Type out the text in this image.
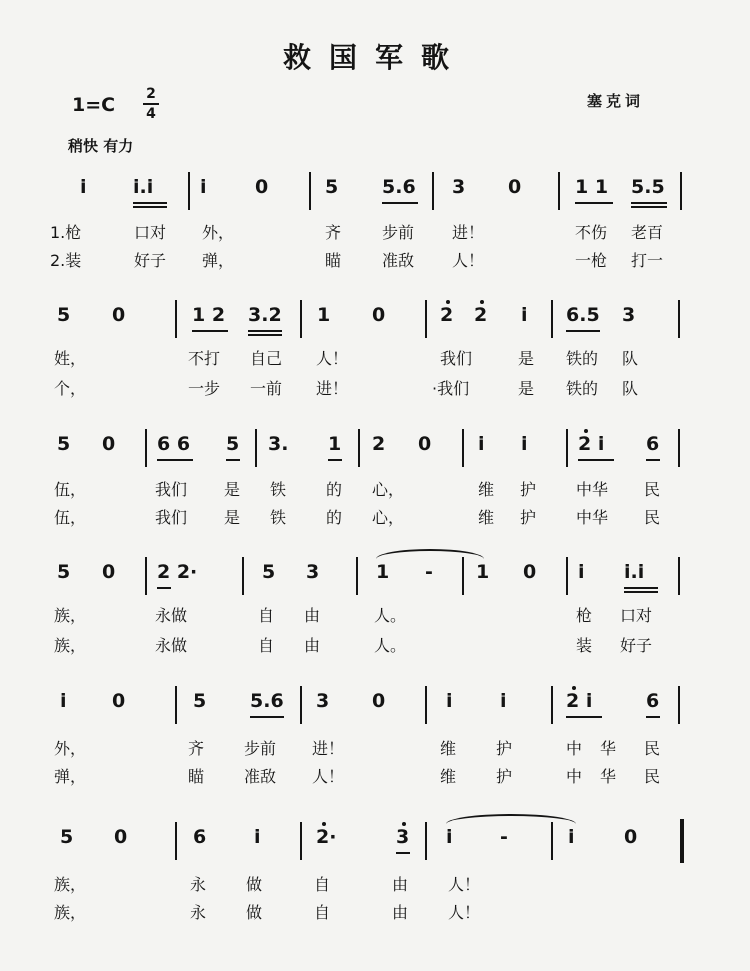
救国军歌
1=C 2
4
塞克词
稍快 有力
i i.i i	0	5 5.6 3 0	1 1 5.5
1.枪	口对 外，	齐	步前 进！	不伤 老百
2.装	好子 弹，	瞄	准敌 人！	一枪 打一
5 0	1 2 3.2 1 0	2 2 i 6.5 3
姓，	不打 自己 人！	我们	是 铁的 队
个，	一步 一前 进！	·我们	是 铁的 队
5 0 6 6 5 3. 1 2 0 i i	2 i 6
伍，	我们 是 铁 的 心，	维 护 中华 民
伍，	我们 是 铁 的 心，	维 护 中华 民
5 0 2 2·	5 3	1 - 1 0 i i.i
族，	永做	自 由	人。	枪 口对
族，	永做	自 由	人。	装 好子
i 0	5 5.6 3 0	i i	2 i	6
外，	齐 步前 进！	维 护	中 华 民
弹，	瞄 准敌 人！	维 护	中 华 民
5 0	6	i	2·	3 i -	i	0
族，	永 做	自	由 人！
族，	永 做	自	由 人！
